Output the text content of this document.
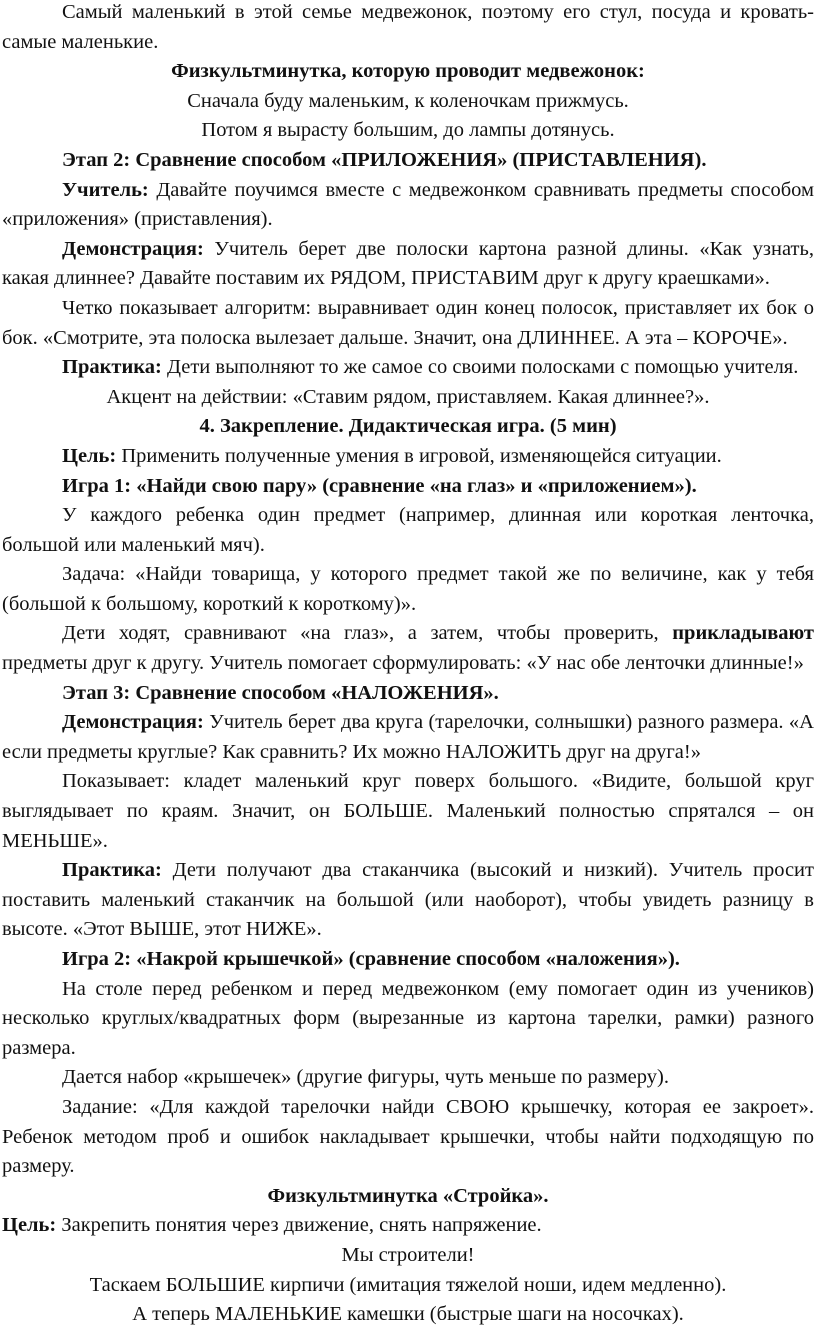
Самый маленький в этой семье медвежонок, поэтому его стул, посуда и кровать- самые маленькие.

Физкультминутка, которую проводит медвежонок:

Сначала буду маленьким, к коленочкам прижмусь.

Потом я вырасту большим, до лампы дотянусь.

Этап 2: Сравнение способом «ПРИЛОЖЕНИЯ» (ПРИСТАВЛЕНИЯ).

Учитель: Давайте поучимся вместе с медвежонком сравнивать предметы способом «приложения» (приставления).

Демонстрация: Учитель берет две полоски картона разной длины. «Как узнать, какая длиннее? Давайте поставим их РЯДОМ, ПРИСТАВИМ друг к другу краешками».

Четко показывает алгоритм: выравнивает один конец полосок, приставляет их бок о бок. «Смотрите, эта полоска вылезает дальше. Значит, она ДЛИННЕЕ. А эта – КОРОЧЕ».

Практика: Дети выполняют то же самое со своими полосками с помощью учителя.

Акцент на действии: «Ставим рядом, приставляем. Какая длиннее?».

4. Закрепление. Дидактическая игра. (5 мин)

Цель: Применить полученные умения в игровой, изменяющейся ситуации.

Игра 1: «Найди свою пару» (сравнение «на глаз» и «приложением»).

У каждого ребенка один предмет (например, длинная или короткая ленточка, большой или маленький мяч).

Задача: «Найди товарища, у которого предмет такой же по величине, как у тебя (большой к большому, короткий к короткому)».

Дети ходят, сравнивают «на глаз», а затем, чтобы проверить, прикладывают предметы друг к другу. Учитель помогает сформулировать: «У нас обе ленточки длинные!»

Этап 3: Сравнение способом «НАЛОЖЕНИЯ».

Демонстрация: Учитель берет два круга (тарелочки, солнышки) разного размера. «А если предметы круглые? Как сравнить? Их можно НАЛОЖИТЬ друг на друга!»

Показывает: кладет маленький круг поверх большого. «Видите, большой круг выглядывает по краям. Значит, он БОЛЬШЕ. Маленький полностью спрятался – он МЕНЬШЕ».

Практика: Дети получают два стаканчика (высокий и низкий). Учитель просит поставить маленький стаканчик на большой (или наоборот), чтобы увидеть разницу в высоте. «Этот ВЫШЕ, этот НИЖЕ».

Игра 2: «Накрой крышечкой» (сравнение способом «наложения»).

На столе перед ребенком и перед медвежонком (ему помогает один из учеников) несколько круглых/квадратных форм (вырезанные из картона тарелки, рамки) разного размера.

Дается набор «крышечек» (другие фигуры, чуть меньше по размеру).

Задание: «Для каждой тарелочки найди СВОЮ крышечку, которая ее закроет». Ребенок методом проб и ошибок накладывает крышечки, чтобы найти подходящую по размеру.

Физкультминутка «Стройка».

Цель: Закрепить понятия через движение, снять напряжение.

Мы строители!

Таскаем БОЛЬШИЕ кирпичи (имитация тяжелой ноши, идем медленно).

А теперь МАЛЕНЬКИЕ камешки (быстрые шаги на носочках).
